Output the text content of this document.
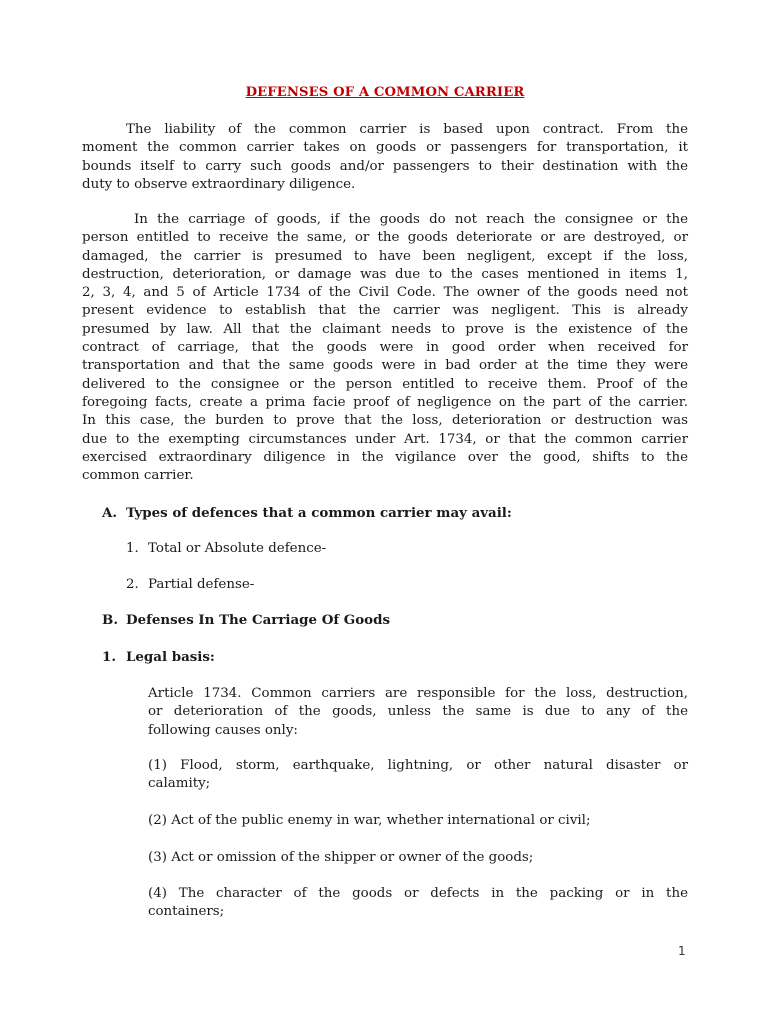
DEFENSES OF A COMMON CARRIER
The liability of the common carrier is based upon contract. From the
moment the common carrier takes on goods or passengers for transportation, it
bounds itself to carry such goods and/or passengers to their destination with the
duty to observe extraordinary diligence.
In the carriage of goods, if the goods do not reach the consignee or the
person entitled to receive the same, or the goods deteriorate or are destroyed, or
damaged, the carrier is presumed to have been negligent, except if the loss,
destruction, deterioration, or damage was due to the cases mentioned in items 1,
2, 3, 4, and 5 of Article 1734 of the Civil Code. The owner of the goods need not
present evidence to establish that the carrier was negligent. This is already
presumed by law. All that the claimant needs to prove is the existence of the
contract of carriage, that the goods were in good order when received for
transportation and that the same goods were in bad order at the time they were
delivered to the consignee or the person entitled to receive them. Proof of the
foregoing facts, create a prima facie proof of negligence on the part of the carrier.
In this case, the burden to prove that the loss, deterioration or destruction was
due to the exempting circumstances under Art. 1734, or that the common carrier
exercised extraordinary diligence in the vigilance over the good, shifts to the
common carrier.
A. Types of defences that a common carrier may avail:
1. Total or Absolute defence-
2. Partial defense-
B. Defenses In The Carriage Of Goods
1. Legal basis:
Article 1734. Common carriers are responsible for the loss, destruction,
or deterioration of the goods, unless the same is due to any of the
following causes only:
(1) Flood, storm, earthquake, lightning, or other natural disaster or
calamity;
(2) Act of the public enemy in war, whether international or civil;
(3) Act or omission of the shipper or owner of the goods;
(4) The character of the goods or defects in the packing or in the
containers;
1
